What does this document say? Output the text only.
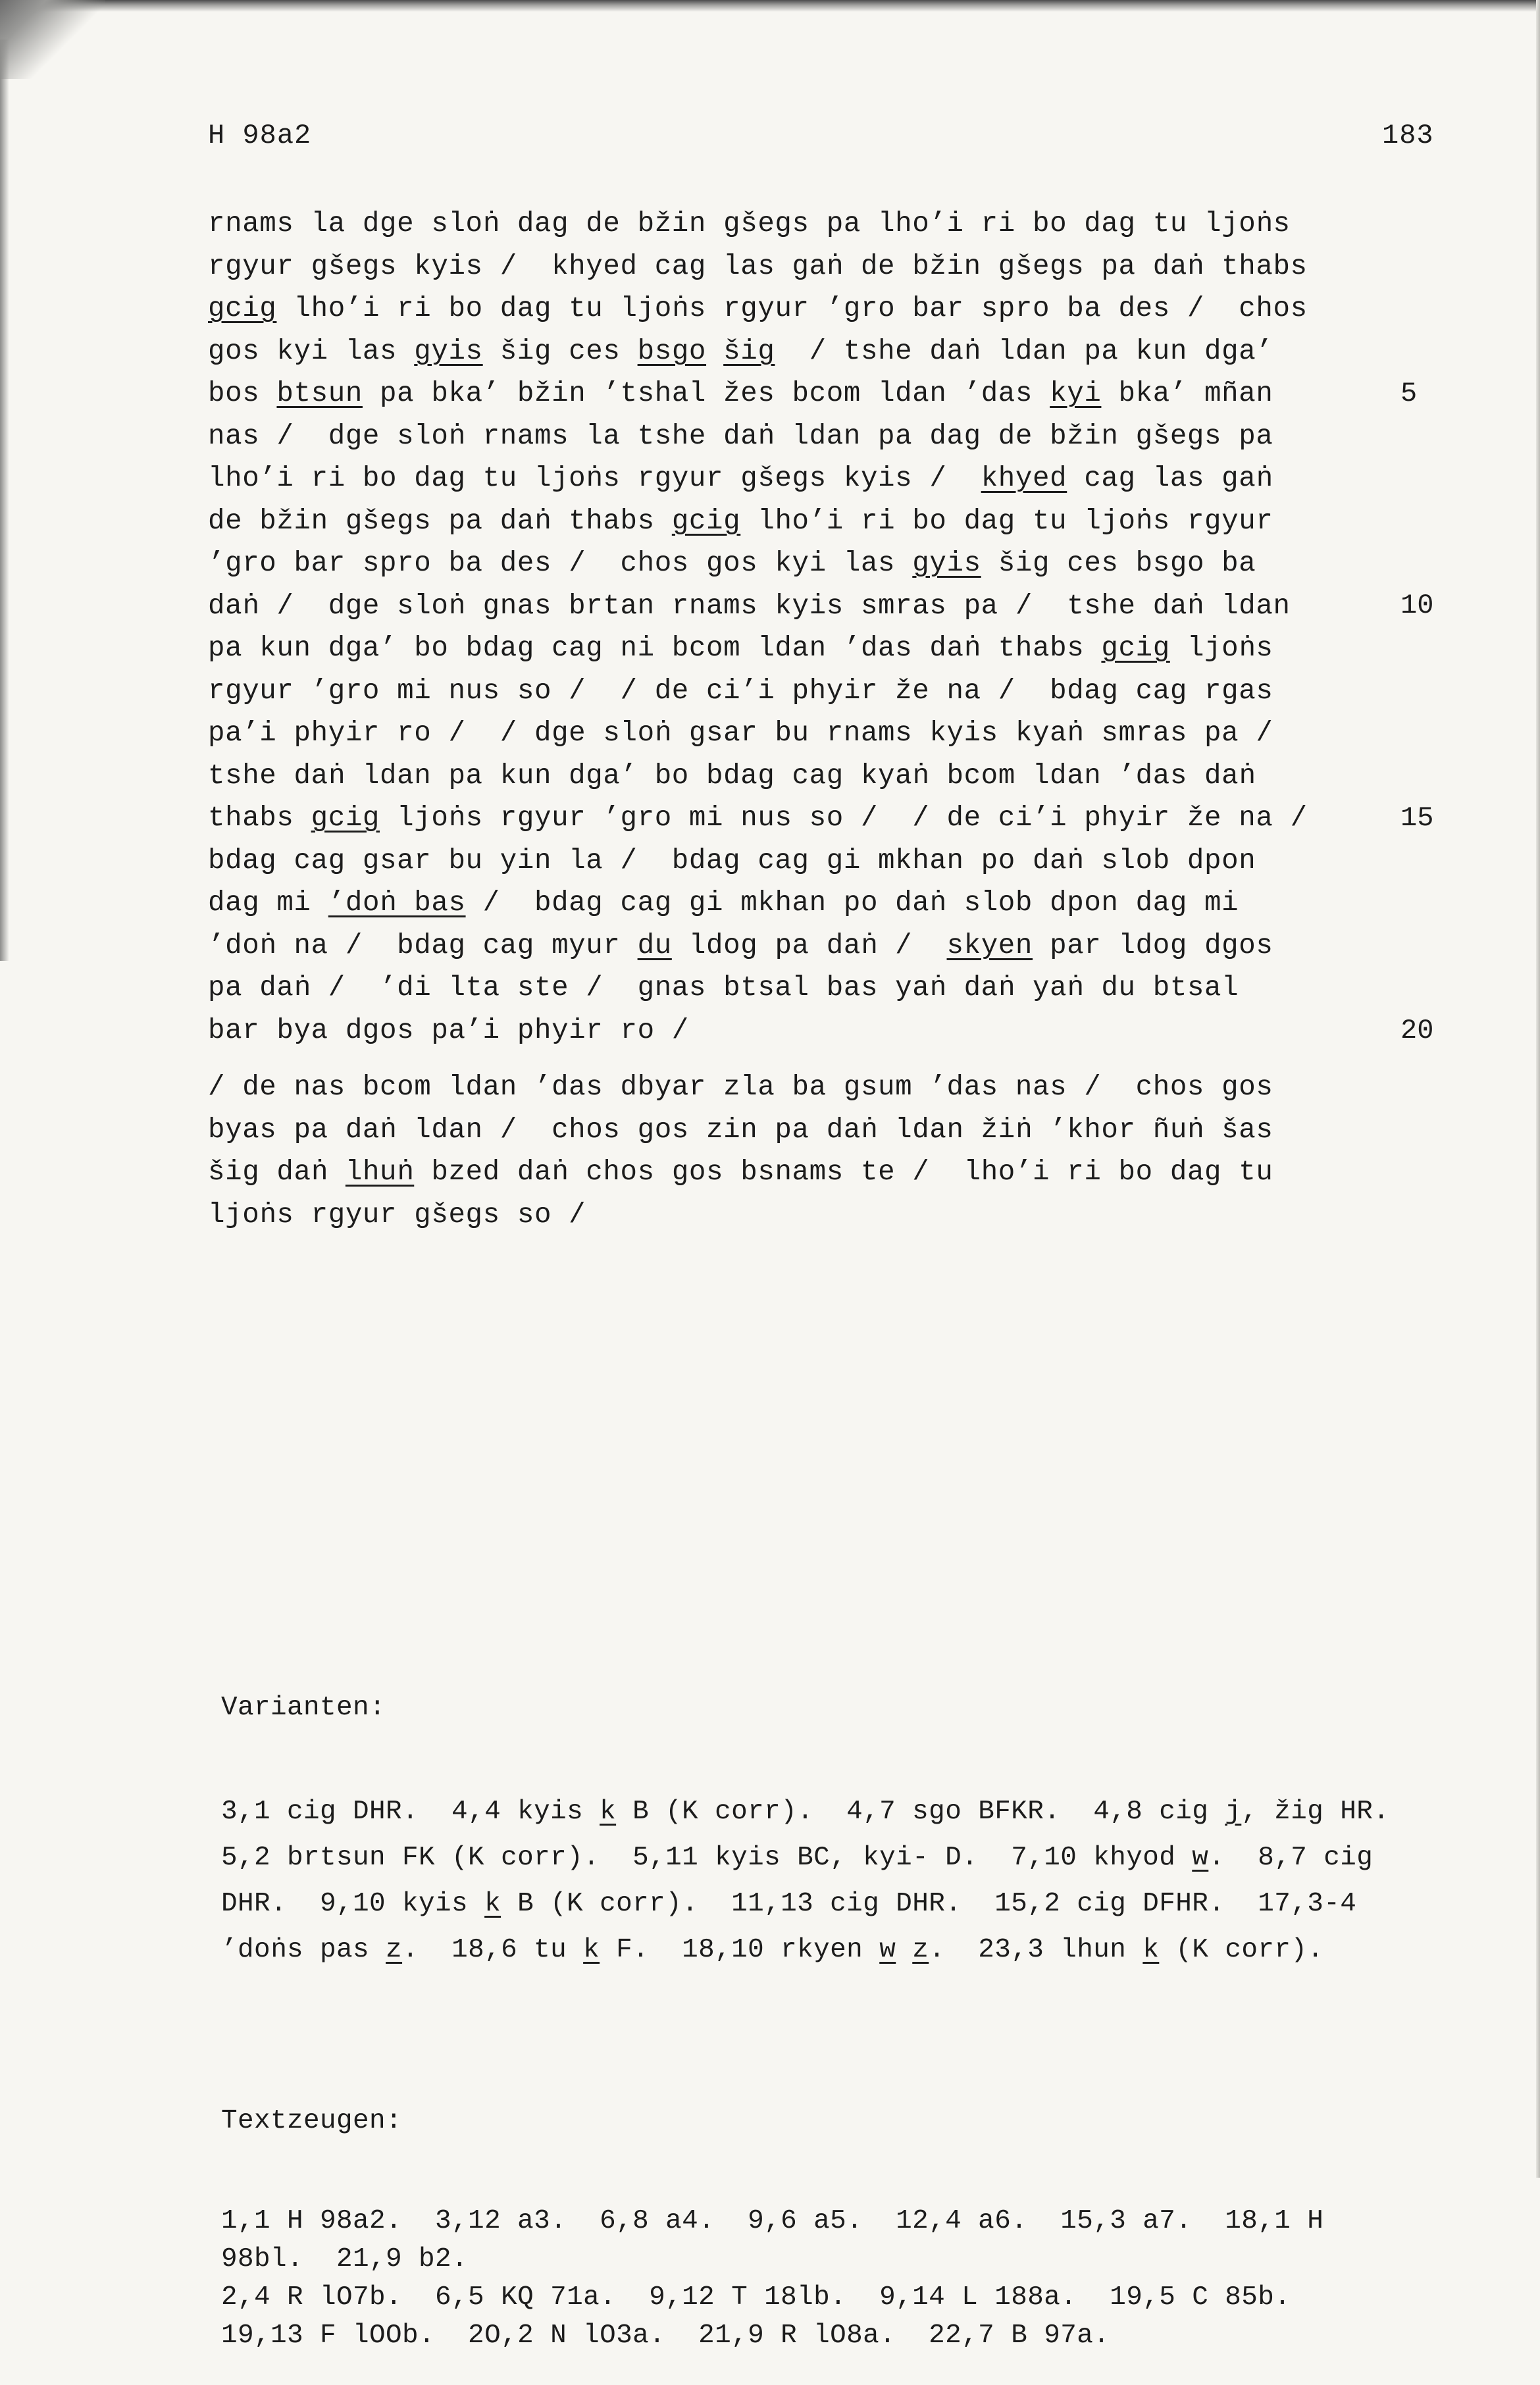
H 98a2	183
rnams la dge sloṅ dag de bžin gšegs pa lho’i ri bo dag tu ljoṅs
rgyur gšegs kyis /  khyed cag las gaṅ de bžin gšegs pa daṅ thabs
gcig lho’i ri bo dag tu ljoṅs rgyur ’gro bar spro ba des /  chos
gos kyi las gyis šig ces bsgo šig  / tshe daṅ ldan pa kun dga’
bos btsun pa bka’ bžin ’tshal žes bcom ldan ’das kyi bka’ mñan
nas /  dge sloṅ rnams la tshe daṅ ldan pa dag de bžin gšegs pa
lho’i ri bo dag tu ljoṅs rgyur gšegs kyis /  khyed cag las gaṅ
de bžin gšegs pa daṅ thabs gcig lho’i ri bo dag tu ljoṅs rgyur
’gro bar spro ba des /  chos gos kyi las gyis šig ces bsgo ba
daṅ /  dge sloṅ gnas brtan rnams kyis smras pa /  tshe daṅ ldan
pa kun dga’ bo bdag cag ni bcom ldan ’das daṅ thabs gcig ljoṅs
rgyur ’gro mi nus so /  / de ci’i phyir že na /  bdag cag rgas
pa’i phyir ro /  / dge sloṅ gsar bu rnams kyis kyaṅ smras pa /
tshe daṅ ldan pa kun dga’ bo bdag cag kyaṅ bcom ldan ’das daṅ
thabs gcig ljoṅs rgyur ’gro mi nus so /  / de ci’i phyir že na /
bdag cag gsar bu yin la /  bdag cag gi mkhan po daṅ slob dpon
dag mi ’doṅ bas /  bdag cag gi mkhan po daṅ slob dpon dag mi
’doṅ na /  bdag cag myur du ldog pa daṅ /  skyen par ldog dgos
pa daṅ /  ’di lta ste /  gnas btsal bas yaṅ daṅ yaṅ du btsal
bar bya dgos pa’i phyir ro /
/ de nas bcom ldan ’das dbyar zla ba gsum ’das nas /  chos gos
byas pa daṅ ldan /  chos gos zin pa daṅ ldan žiṅ ’khor ñuṅ šas
šig daṅ lhuṅ bzed daṅ chos gos bsnams te /  lho’i ri bo dag tu
ljoṅs rgyur gšegs so /
5
10
15
20

Varianten:

3,1 cig DHR.  4,4 kyis k B (K corr).  4,7 sgo BFKR.  4,8 cig j, žig HR.
5,2 brtsun FK (K corr).  5,11 kyis BC, kyi- D.  7,10 khyod w.  8,7 cig
DHR.  9,10 kyis k B (K corr).  11,13 cig DHR.  15,2 cig DFHR.  17,3-4
’doṅs pas z.  18,6 tu k F.  18,10 rkyen w z.  23,3 lhun k (K corr).

Textzeugen:

1,1 H 98a2.  3,12 a3.  6,8 a4.  9,6 a5.  12,4 a6.  15,3 a7.  18,1 H
98bl.  21,9 b2.
2,4 R lO7b.  6,5 KQ 71a.  9,12 T 18lb.  9,14 L 188a.  19,5 C 85b.
19,13 F lOOb.  2O,2 N lO3a.  21,9 R lO8a.  22,7 B 97a.
